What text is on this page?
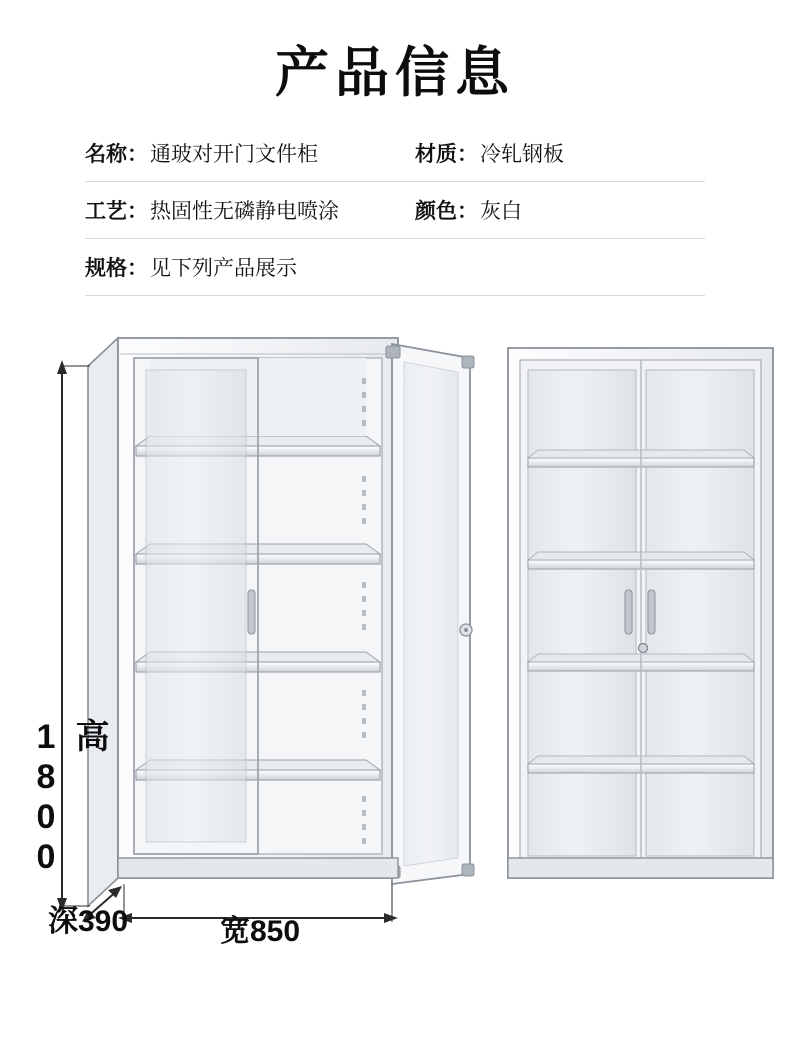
产品信息
名称： 通玻对开门文件柜	材质： 冷轧钢板
工艺： 热固性无磷静电喷涂	颜色： 灰白
规格： 见下列产品展示
高1800
深390	宽850
